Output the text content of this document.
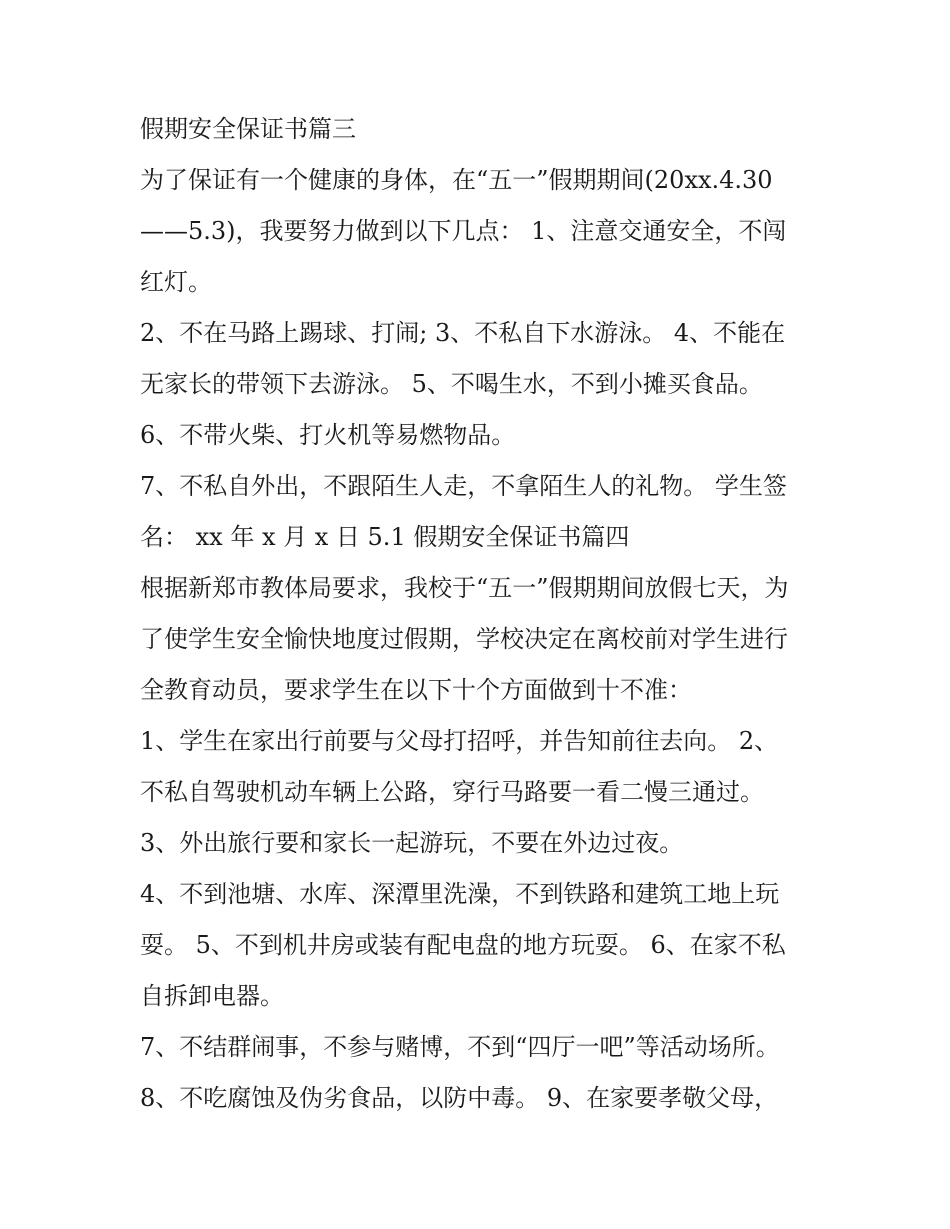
假期安全保证书篇三
为了保证有一个健康的身体，在“五一”假期期间(20xx.4.30
——5.3)，我要努力做到以下几点： 1、注意交通安全，不闯
红灯。
2、不在马路上踢球、打闹; 3、不私自下水游泳。 4、不能在
无家长的带领下去游泳。 5、不喝生水，不到小摊买食品。
6、不带火柴、打火机等易燃物品。
7、不私自外出，不跟陌生人走，不拿陌生人的礼物。 学生签
名： xx 年 x 月 x 日 5.1 假期安全保证书篇四
根据新郑市教体局要求，我校于“五一”假期期间放假七天，为
了使学生安全愉快地度过假期，学校决定在离校前对学生进行
全教育动员，要求学生在以下十个方面做到十不准：
1、学生在家出行前要与父母打招呼，并告知前往去向。 2、
不私自驾驶机动车辆上公路，穿行马路要一看二慢三通过。
3、外出旅行要和家长一起游玩，不要在外边过夜。
4、不到池塘、水库、深潭里洗澡，不到铁路和建筑工地上玩
耍。 5、不到机井房或装有配电盘的地方玩耍。 6、在家不私
自拆卸电器。
7、不结群闹事，不参与赌博，不到“四厅一吧”等活动场所。
8、不吃腐蚀及伪劣食品，以防中毒。 9、在家要孝敬父母，
